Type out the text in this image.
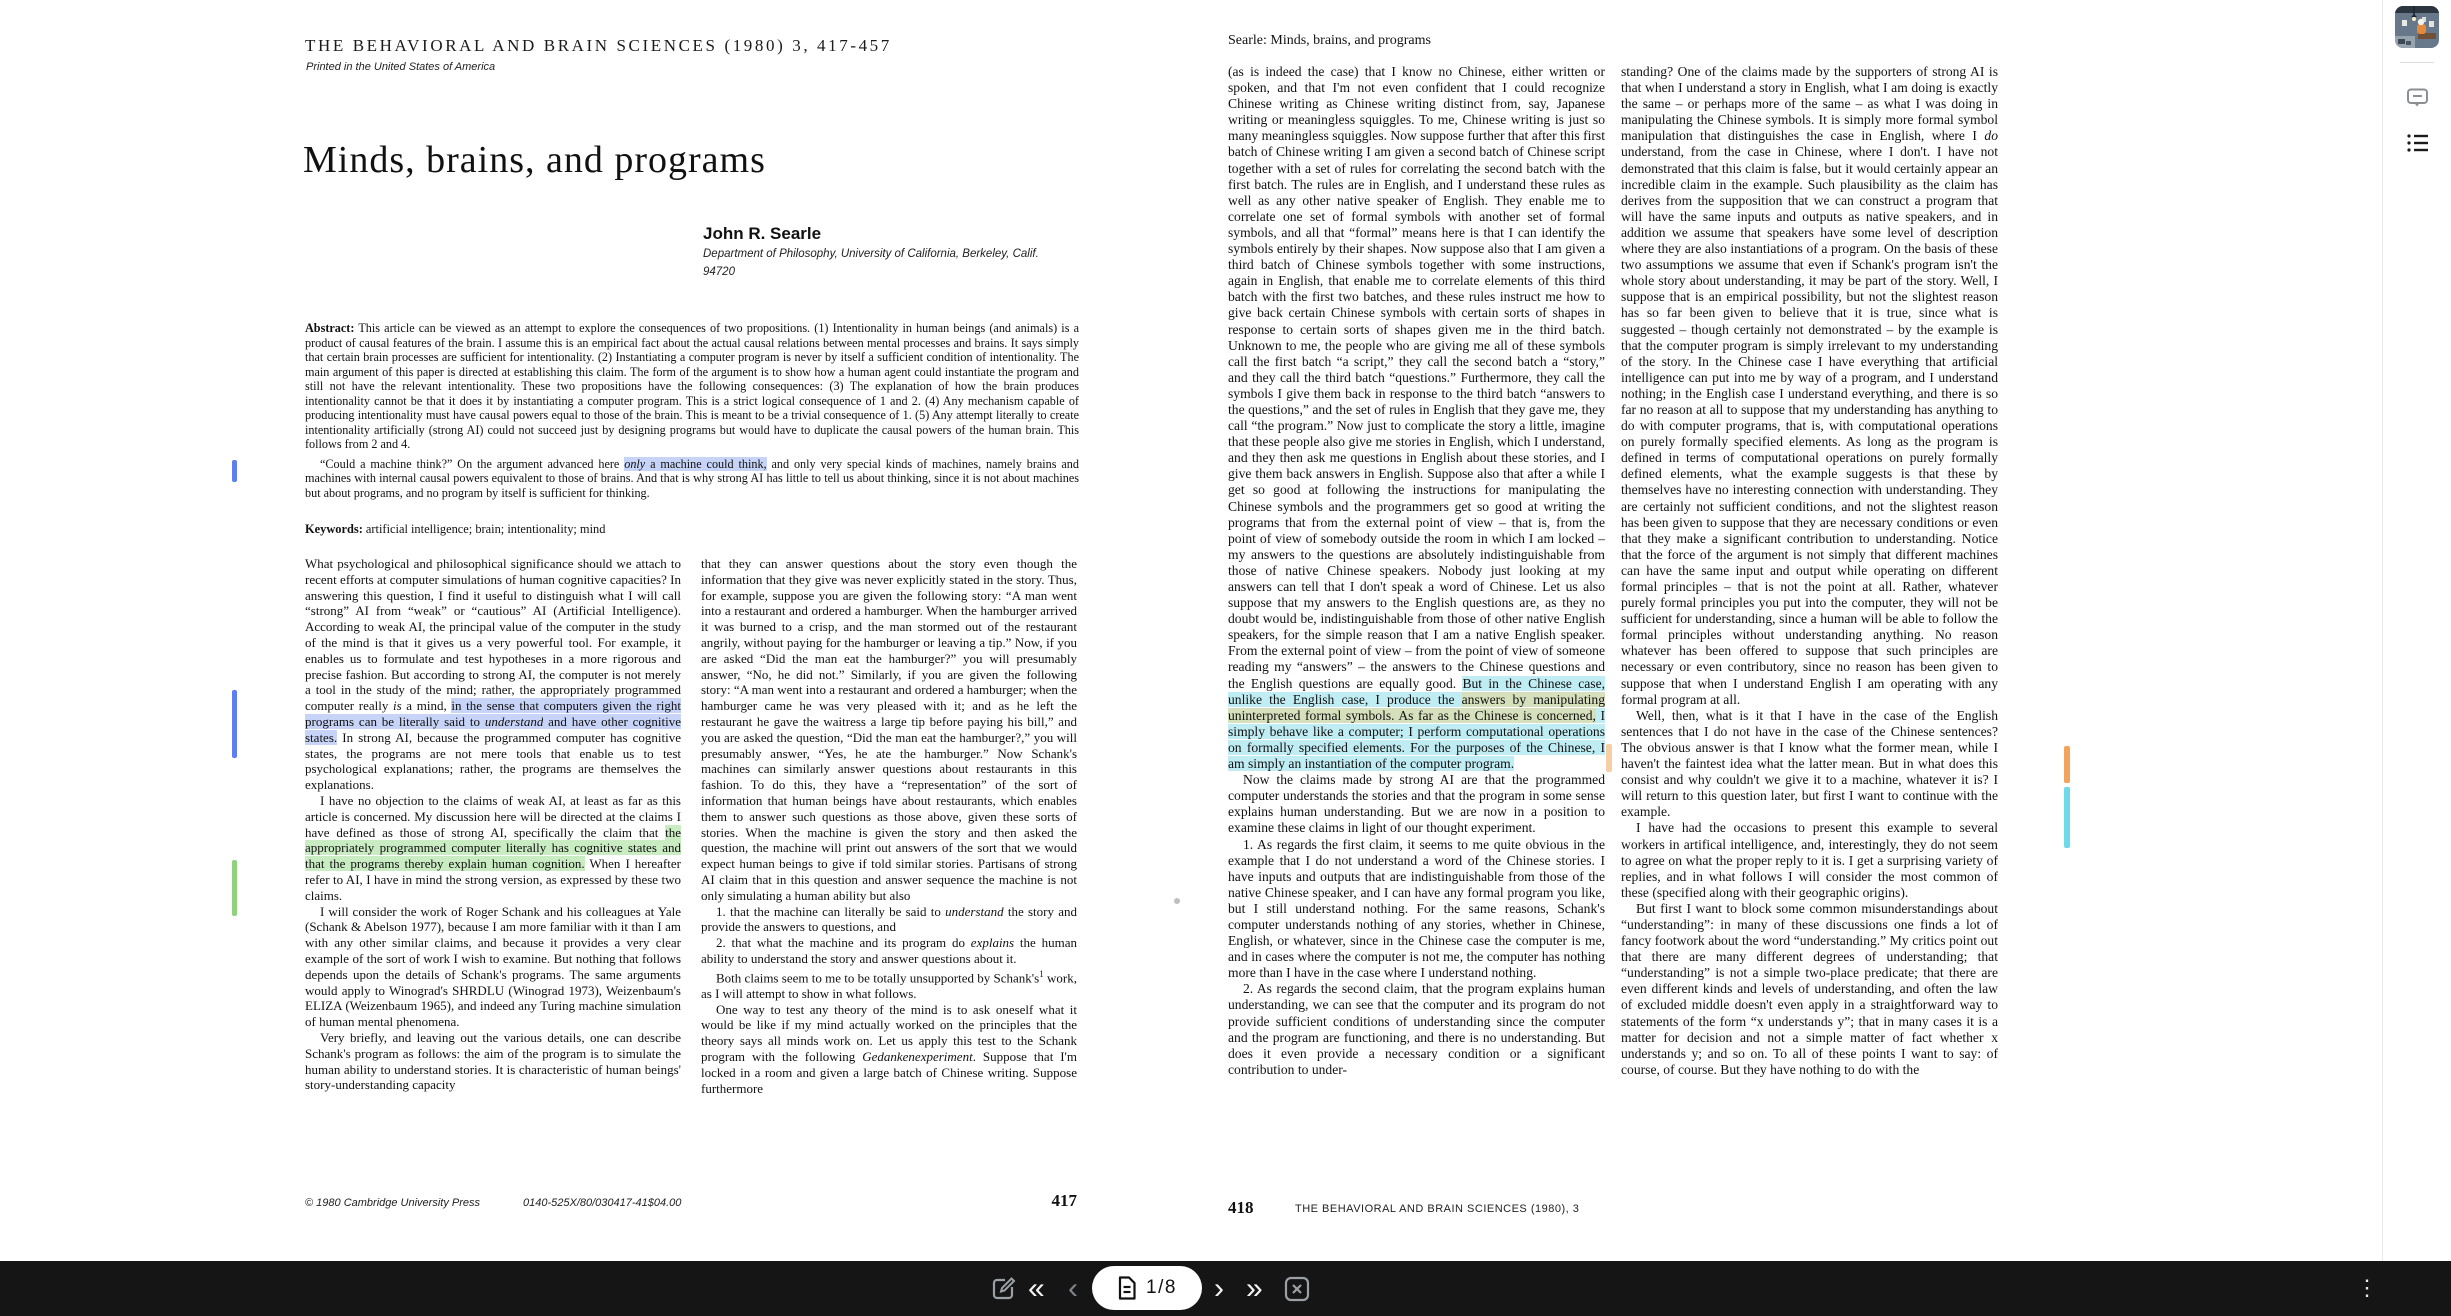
THE BEHAVIORAL AND BRAIN SCIENCES (1980) 3, 417-457
Printed in the United States of America
Minds, brains, and programs
John R. Searle
Department of Philosophy, University of California, Berkeley, Calif.
94720

Abstract: This article can be viewed as an attempt to explore the consequences of two propositions. (1) Intentionality in human beings (and animals) is a product of causal features of the brain. I assume this is an empirical fact about the actual causal relations between mental processes and brains. It says simply that certain brain processes are sufficient for intentionality. (2) Instantiating a computer program is never by itself a sufficient condition of intentionality. The main argument of this paper is directed at establishing this claim. The form of the argument is to show how a human agent could instantiate the program and still not have the relevant intentionality. These two propositions have the following consequences: (3) The explanation of how the brain produces intentionality cannot be that it does it by instantiating a computer program. This is a strict logical consequence of 1 and 2. (4) Any mechanism capable of producing intentionality must have causal powers equal to those of the brain. This is meant to be a trivial consequence of 1. (5) Any attempt literally to create intentionality artificially (strong AI) could not succeed just by designing programs but would have to duplicate the causal powers of the human brain. This follows from 2 and 4.

“Could a machine think?” On the argument advanced here only a machine could think, and only very special kinds of machines, namely brains and machines with internal causal powers equivalent to those of brains. And that is why strong AI has little to tell us about thinking, since it is not about machines but about programs, and no program by itself is sufficient for thinking.

Keywords: artificial intelligence; brain; intentionality; mind

What psychological and philosophical significance should we attach to recent efforts at computer simulations of human cognitive capacities? In answering this question, I find it useful to distinguish what I will call “strong” AI from “weak” or “cautious” AI (Artificial Intelligence). According to weak AI, the principal value of the computer in the study of the mind is that it gives us a very powerful tool. For example, it enables us to formulate and test hypotheses in a more rigorous and precise fashion. But according to strong AI, the computer is not merely a tool in the study of the mind; rather, the appropriately programmed computer really is a mind, in the sense that computers given the right programs can be literally said to understand and have other cognitive states. In strong AI, because the programmed computer has cognitive states, the programs are not mere tools that enable us to test psychological explanations; rather, the programs are themselves the explanations.

I have no objection to the claims of weak AI, at least as far as this article is concerned. My discussion here will be directed at the claims I have defined as those of strong AI, specifically the claim that the appropriately programmed computer literally has cognitive states and that the programs thereby explain human cognition. When I hereafter refer to AI, I have in mind the strong version, as expressed by these two claims.

I will consider the work of Roger Schank and his colleagues at Yale (Schank & Abelson 1977), because I am more familiar with it than I am with any other similar claims, and because it provides a very clear example of the sort of work I wish to examine. But nothing that follows depends upon the details of Schank's programs. The same arguments would apply to Winograd's SHRDLU (Winograd 1973), Weizenbaum's ELIZA (Weizenbaum 1965), and indeed any Turing machine simulation of human mental phenomena.

Very briefly, and leaving out the various details, one can describe Schank's program as follows: the aim of the program is to simulate the human ability to understand stories. It is characteristic of human beings' story-understanding capacity

that they can answer questions about the story even though the information that they give was never explicitly stated in the story. Thus, for example, suppose you are given the following story: “A man went into a restaurant and ordered a hamburger. When the hamburger arrived it was burned to a crisp, and the man stormed out of the restaurant angrily, without paying for the hamburger or leaving a tip.” Now, if you are asked “Did the man eat the hamburger?” you will presumably answer, “No, he did not.” Similarly, if you are given the following story: “A man went into a restaurant and ordered a hamburger; when the hamburger came he was very pleased with it; and as he left the restaurant he gave the waitress a large tip before paying his bill,” and you are asked the question, “Did the man eat the hamburger?,” you will presumably answer, “Yes, he ate the hamburger.” Now Schank's machines can similarly answer questions about restaurants in this fashion. To do this, they have a “representation” of the sort of information that human beings have about restaurants, which enables them to answer such questions as those above, given these sorts of stories. When the machine is given the story and then asked the question, the machine will print out answers of the sort that we would expect human beings to give if told similar stories. Partisans of strong AI claim that in this question and answer sequence the machine is not only simulating a human ability but also

1. that the machine can literally be said to understand the story and provide the answers to questions, and

2. that what the machine and its program do explains the human ability to understand the story and answer questions about it.

Both claims seem to me to be totally unsupported by $Schank's^1$ work, as I will attempt to show in what follows.

One way to test any theory of the mind is to ask oneself what it would be like if my mind actually worked on the principles that the theory says all minds work on. Let us apply this test to the Schank program with the following Gedankenexperiment. Suppose that I'm locked in a room and given a large batch of Chinese writing. Suppose furthermore

© 1980 Cambridge University Press	0140-525X/80/030417-41$04.00	417
Searle: Minds, brains, and programs

(as is indeed the case) that I know no Chinese, either written or spoken, and that I'm not even confident that I could recognize Chinese writing as Chinese writing distinct from, say, Japanese writing or meaningless squiggles. To me, Chinese writing is just so many meaningless squiggles. Now suppose further that after this first batch of Chinese writing I am given a second batch of Chinese script together with a set of rules for correlating the second batch with the first batch. The rules are in English, and I understand these rules as well as any other native speaker of English. They enable me to correlate one set of formal symbols with another set of formal symbols, and all that “formal” means here is that I can identify the symbols entirely by their shapes. Now suppose also that I am given a third batch of Chinese symbols together with some instructions, again in English, that enable me to correlate elements of this third batch with the first two batches, and these rules instruct me how to give back certain Chinese symbols with certain sorts of shapes in response to certain sorts of shapes given me in the third batch. Unknown to me, the people who are giving me all of these symbols call the first batch “a script,” they call the second batch a “story,” and they call the third batch “questions.” Furthermore, they call the symbols I give them back in response to the third batch “answers to the questions,” and the set of rules in English that they gave me, they call “the program.” Now just to complicate the story a little, imagine that these people also give me stories in English, which I understand, and they then ask me questions in English about these stories, and I give them back answers in English. Suppose also that after a while I get so good at following the instructions for manipulating the Chinese symbols and the programmers get so good at writing the programs that from the external point of view – that is, from the point of view of somebody outside the room in which I am locked – my answers to the questions are absolutely indistinguishable from those of native Chinese speakers. Nobody just looking at my answers can tell that I don't speak a word of Chinese. Let us also suppose that my answers to the English questions are, as they no doubt would be, indistinguishable from those of other native English speakers, for the simple reason that I am a native English speaker. From the external point of view – from the point of view of someone reading my “answers” – the answers to the Chinese questions and the English questions are equally good. But in the Chinese case, unlike the English case, I produce the answers by manipulating uninterpreted formal symbols. As far as the Chinese is concerned, I simply behave like a computer; I perform computational operations on formally specified elements. For the purposes of the Chinese, I am simply an instantiation of the computer program.

Now the claims made by strong AI are that the programmed computer understands the stories and that the program in some sense explains human understanding. But we are now in a position to examine these claims in light of our thought experiment.

1. As regards the first claim, it seems to me quite obvious in the example that I do not understand a word of the Chinese stories. I have inputs and outputs that are indistinguishable from those of the native Chinese speaker, and I can have any formal program you like, but I still understand nothing. For the same reasons, Schank's computer understands nothing of any stories, whether in Chinese, English, or whatever, since in the Chinese case the computer is me, and in cases where the computer is not me, the computer has nothing more than I have in the case where I understand nothing.

2. As regards the second claim, that the program explains human understanding, we can see that the computer and its program do not provide sufficient conditions of understanding since the computer and the program are functioning, and there is no understanding. But does it even provide a necessary condition or a significant contribution to under-

standing? One of the claims made by the supporters of strong AI is that when I understand a story in English, what I am doing is exactly the same – or perhaps more of the same – as what I was doing in manipulating the Chinese symbols. It is simply more formal symbol manipulation that distinguishes the case in English, where I do understand, from the case in Chinese, where I don't. I have not demonstrated that this claim is false, but it would certainly appear an incredible claim in the example. Such plausibility as the claim has derives from the supposition that we can construct a program that will have the same inputs and outputs as native speakers, and in addition we assume that speakers have some level of description where they are also instantiations of a program. On the basis of these two assumptions we assume that even if Schank's program isn't the whole story about understanding, it may be part of the story. Well, I suppose that is an empirical possibility, but not the slightest reason has so far been given to believe that it is true, since what is suggested – though certainly not demonstrated – by the example is that the computer program is simply irrelevant to my understanding of the story. In the Chinese case I have everything that artificial intelligence can put into me by way of a program, and I understand nothing; in the English case I understand everything, and there is so far no reason at all to suppose that my understanding has anything to do with computer programs, that is, with computational operations on purely formally specified elements. As long as the program is defined in terms of computational operations on purely formally defined elements, what the example suggests is that these by themselves have no interesting connection with understanding. They are certainly not sufficient conditions, and not the slightest reason has been given to suppose that they are necessary conditions or even that they make a significant contribution to understanding. Notice that the force of the argument is not simply that different machines can have the same input and output while operating on different formal principles – that is not the point at all. Rather, whatever purely formal principles you put into the computer, they will not be sufficient for understanding, since a human will be able to follow the formal principles without understanding anything. No reason whatever has been offered to suppose that such principles are necessary or even contributory, since no reason has been given to suppose that when I understand English I am operating with any formal program at all.

Well, then, what is it that I have in the case of the English sentences that I do not have in the case of the Chinese sentences? The obvious answer is that I know what the former mean, while I haven't the faintest idea what the latter mean. But in what does this consist and why couldn't we give it to a machine, whatever it is? I will return to this question later, but first I want to continue with the example.

I have had the occasions to present this example to several workers in artifical intelligence, and, interestingly, they do not seem to agree on what the proper reply to it is. I get a surprising variety of replies, and in what follows I will consider the most common of these (specified along with their geographic origins).

But first I want to block some common misunderstandings about “understanding”: in many of these discussions one finds a lot of fancy footwork about the word “understanding.” My critics point out that there are many different degrees of understanding; that “understanding” is not a simple two-place predicate; that there are even different kinds and levels of understanding, and often the law of excluded middle doesn't even apply in a straightforward way to statements of the form “x understands y”; that in many cases it is a matter for decision and not a simple matter of fact whether x understands y; and so on. To all of these points I want to say: of course, of course. But they have nothing to do with the

418	THE BEHAVIORAL AND BRAIN SCIENCES (1980), 3
« ‹	1/8 › »	⋮
